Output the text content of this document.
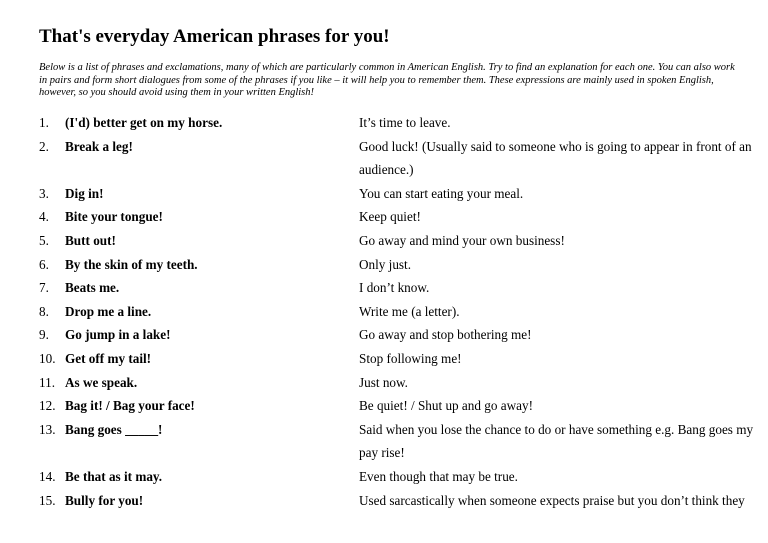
That's everyday American phrases for you!
Below is a list of phrases and exclamations, many of which are particularly common in American English. Try to find an explanation for each one. You can also work in pairs and form short dialogues from some of the phrases if you like – it will help you to remember them. These expressions are mainly used in spoken English, however, so you should avoid using them in your written English!
1.	(I'd) better get on my horse.	It’s time to leave.
2.	Break a leg!	Good luck! (Usually said to someone who is going to appear in front of an audience.)
3.	Dig in!	You can start eating your meal.
4.	Bite your tongue!	Keep quiet!
5.	Butt out!	Go away and mind your own business!
6.	By the skin of my teeth.	Only just.
7.	Beats me.	I don’t know.
8.	Drop me a line.	Write me (a letter).
9.	Go jump in a lake!	Go away and stop bothering me!
10. Get off my tail!	Stop following me!
11. As we speak.	Just now.
12. Bag it! / Bag your face!	Be quiet! / Shut up and go away!
13. Bang goes _____!	Said when you lose the chance to do or have something e.g. Bang goes my pay rise!
14. Be that as it may.	Even though that may be true.
15. Bully for you!	Used sarcastically when someone expects praise but you don’t think they
